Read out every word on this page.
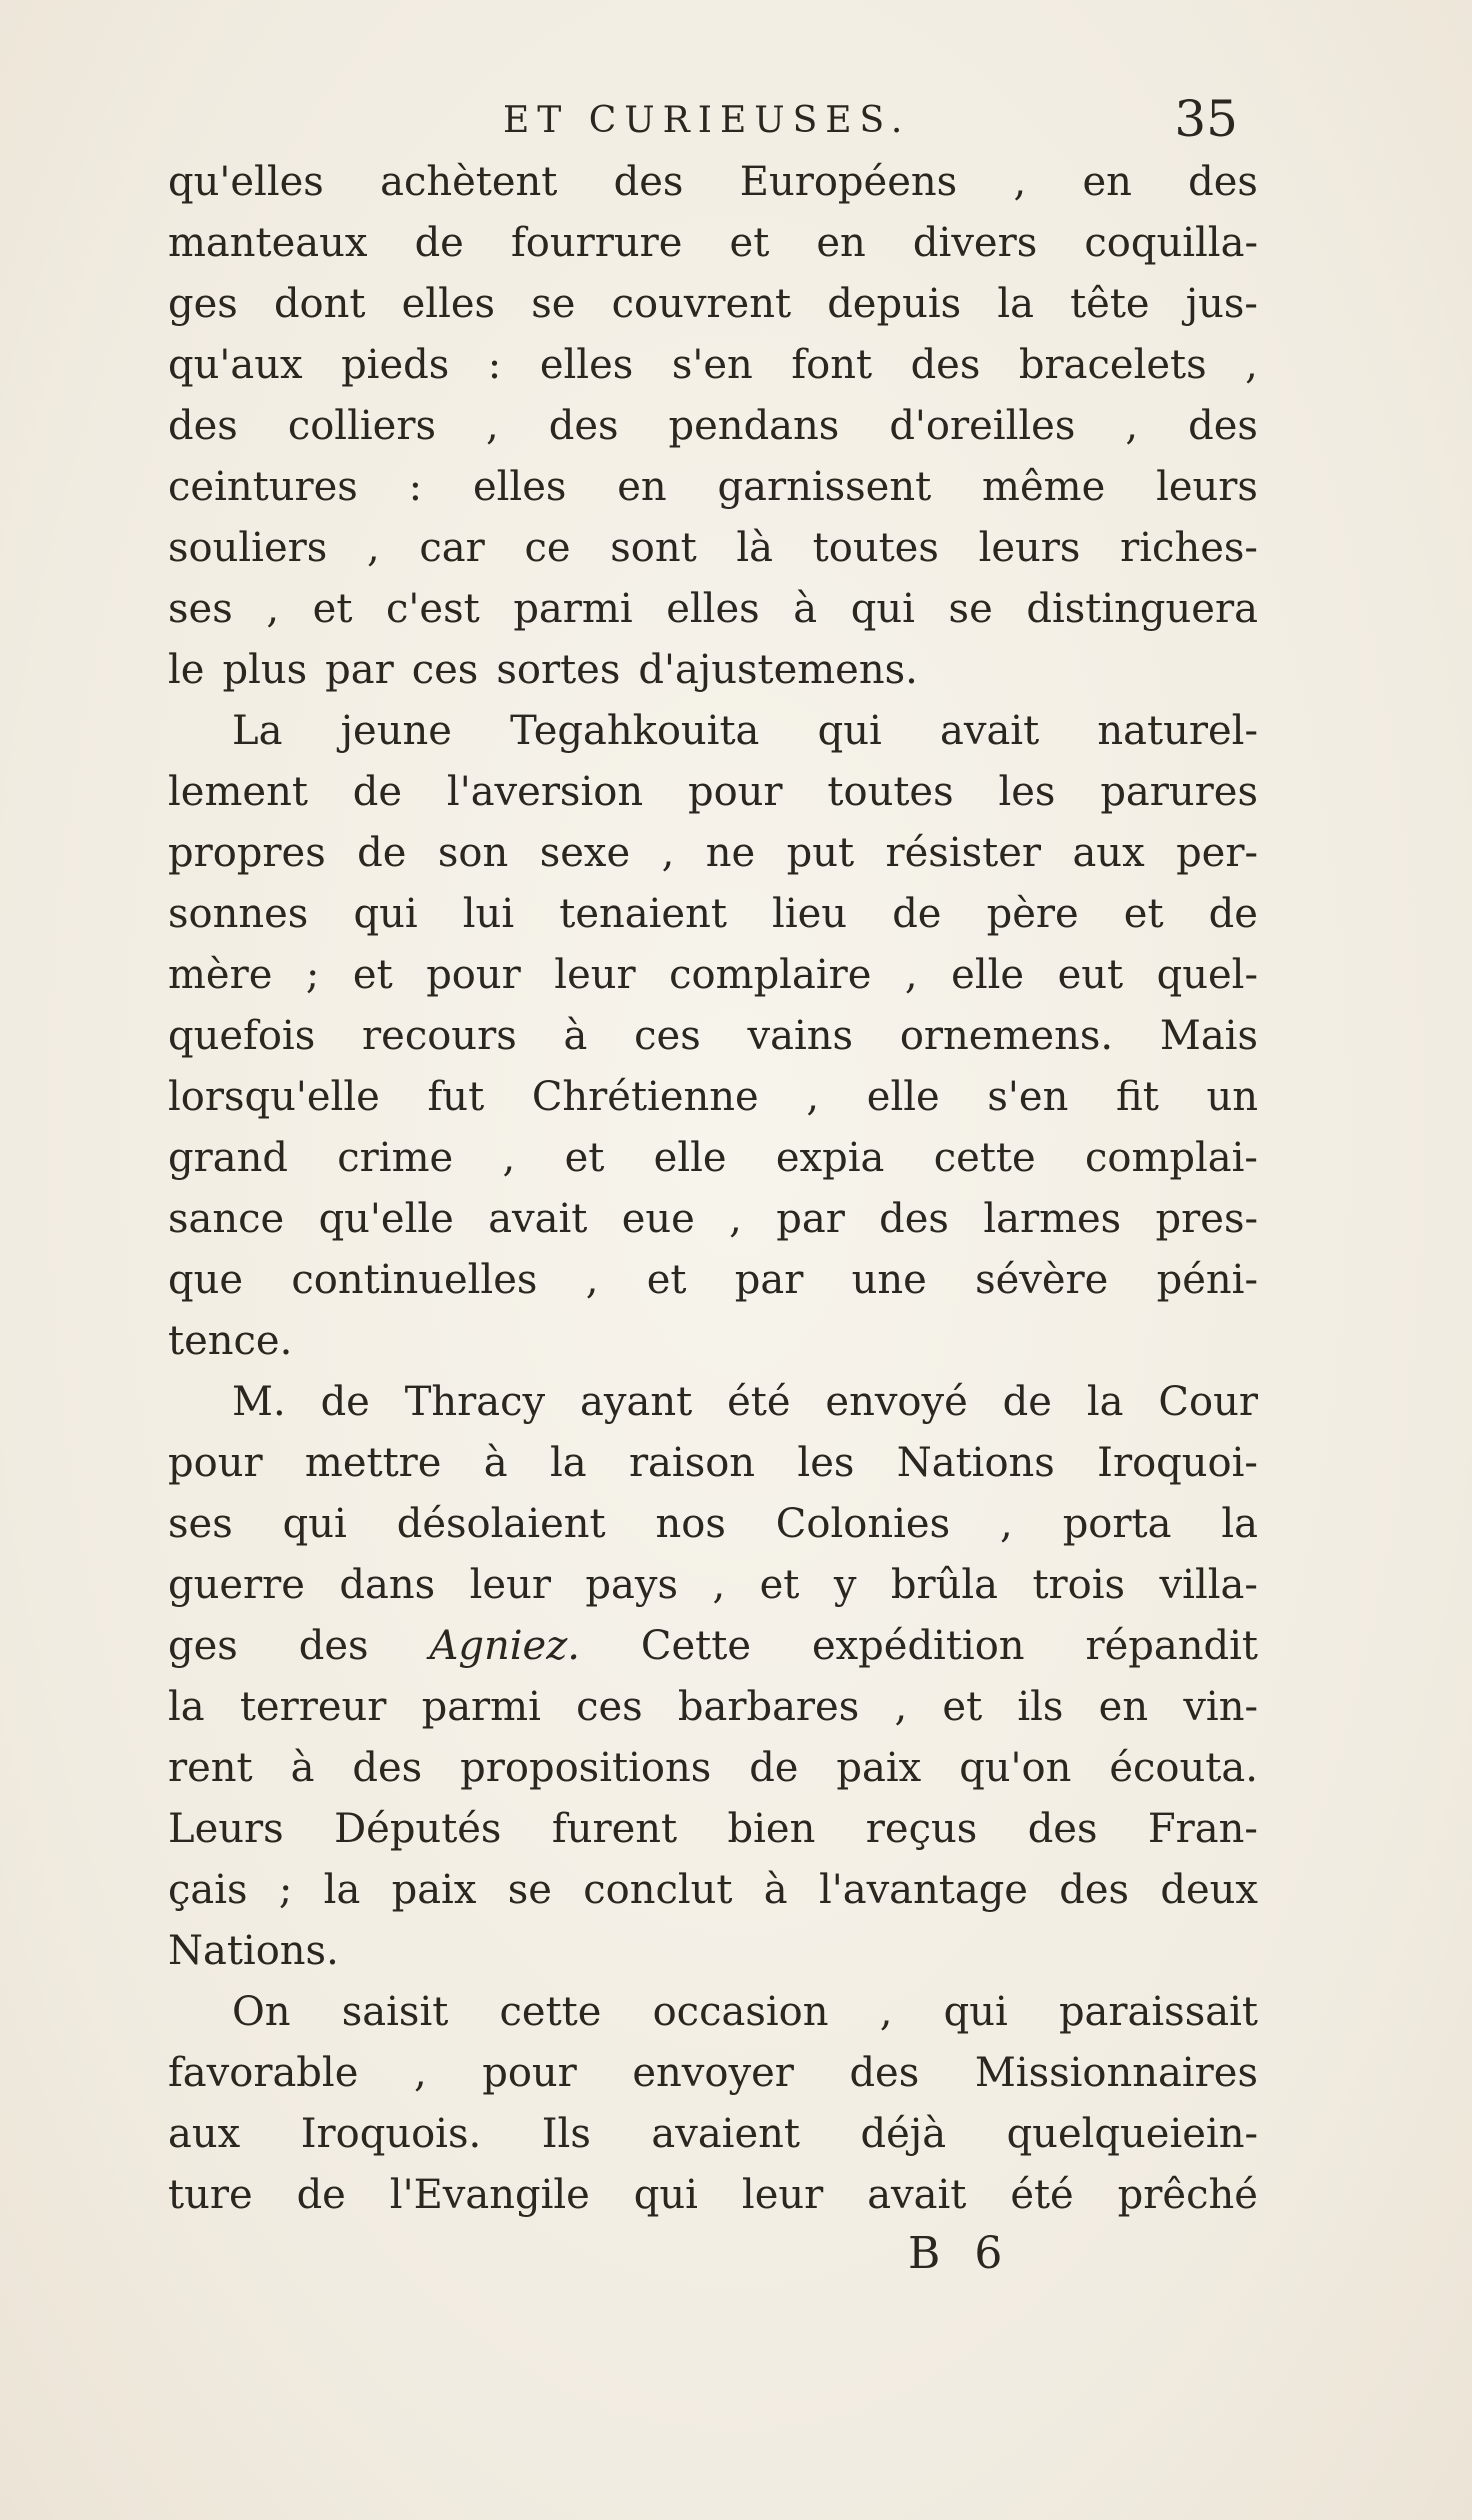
ET CURIEUSES.	35
qu'elles achètent des Européens , en des
manteaux de fourrure et en divers coquilla-
ges dont elles se couvrent depuis la tête jus-
qu'aux pieds : elles s'en font des bracelets ,
des colliers , des pendans d'oreilles , des
ceintures : elles en garnissent même leurs
souliers , car ce sont là toutes leurs riches-
ses , et c'est parmi elles à qui se distinguera
le plus par ces sortes d'ajustemens.
La jeune Tegahkouita qui avait naturel-
lement de l'aversion pour toutes les parures
propres de son sexe , ne put résister aux per-
sonnes qui lui tenaient lieu de père et de
mère ; et pour leur complaire , elle eut quel-
quefois recours à ces vains ornemens. Mais
lorsqu'elle fut Chrétienne , elle s'en fit un
grand crime , et elle expia cette complai-
sance qu'elle avait eue , par des larmes pres-
que continuelles , et par une sévère péni-
tence.
M. de Thracy ayant été envoyé de la Cour
pour mettre à la raison les Nations Iroquoi-
ses qui désolaient nos Colonies , porta la
guerre dans leur pays , et y brûla trois villa-
ges des Agniez. Cette expédition répandit
la terreur parmi ces barbares , et ils en vin-
rent à des propositions de paix qu'on écouta.
Leurs Députés furent bien reçus des Fran-
çais ; la paix se conclut à l'avantage des deux
Nations.
On saisit cette occasion , qui paraissait
favorable , pour envoyer des Missionnaires
aux Iroquois. Ils avaient déjà quelqueiein-
ture de l'Evangile qui leur avait été prêché
B 6
